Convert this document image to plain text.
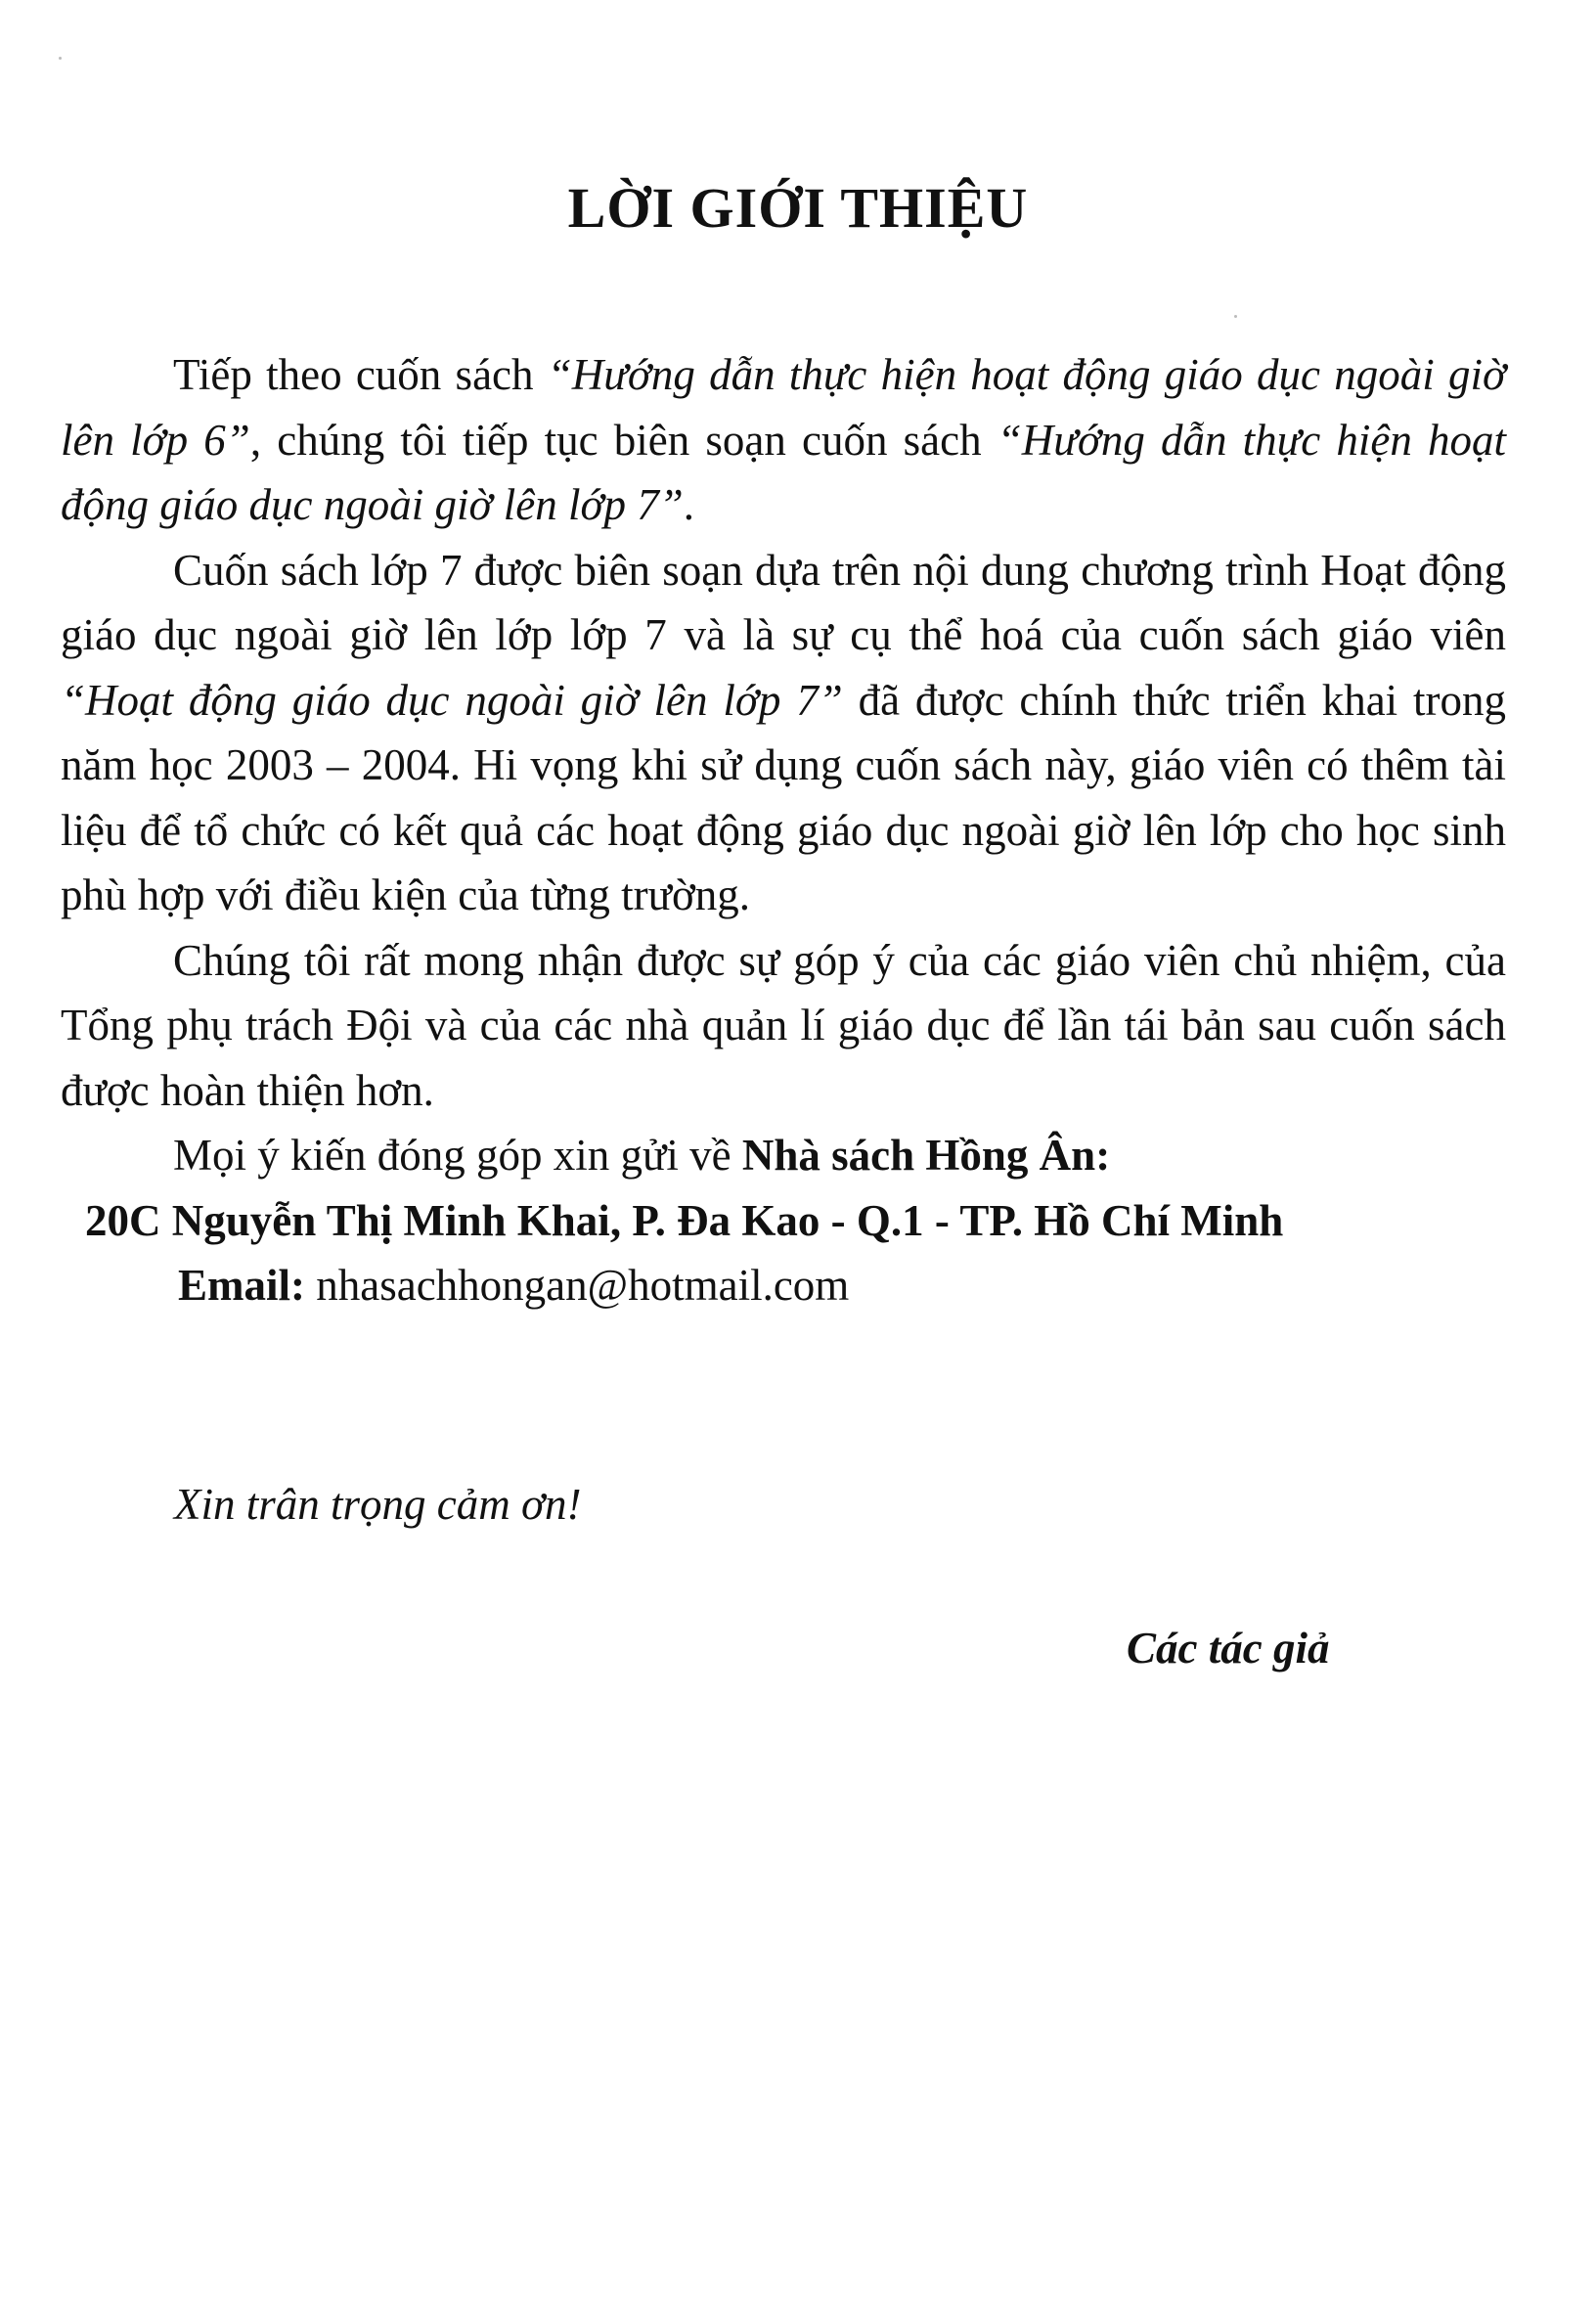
LỜI GIỚI THIỆU

Tiếp theo cuốn sách “Hướng dẫn thực hiện hoạt động giáo dục ngoài giờ lên lớp 6”, chúng tôi tiếp tục biên soạn cuốn sách “Hướng dẫn thực hiện hoạt động giáo dục ngoài giờ lên lớp 7”.

Cuốn sách lớp 7 được biên soạn dựa trên nội dung chương trình Hoạt động giáo dục ngoài giờ lên lớp lớp 7 và là sự cụ thể hoá của cuốn sách giáo viên “Hoạt động giáo dục ngoài giờ lên lớp 7” đã được chính thức triển khai trong năm học 2003 – 2004. Hi vọng khi sử dụng cuốn sách này, giáo viên có thêm tài liệu để tổ chức có kết quả các hoạt động giáo dục ngoài giờ lên lớp cho học sinh phù hợp với điều kiện của từng trường.

Chúng tôi rất mong nhận được sự góp ý của các giáo viên chủ nhiệm, của Tổng phụ trách Đội và của các nhà quản lí giáo dục để lần tái bản sau cuốn sách được hoàn thiện hơn.

Mọi ý kiến đóng góp xin gửi về Nhà sách Hồng Ân:

20C Nguyễn Thị Minh Khai, P. Đa Kao - Q.1 - TP. Hồ Chí Minh

Email: nhasachhongan@hotmail.com

Xin trân trọng cảm ơn!

Các tác giả
